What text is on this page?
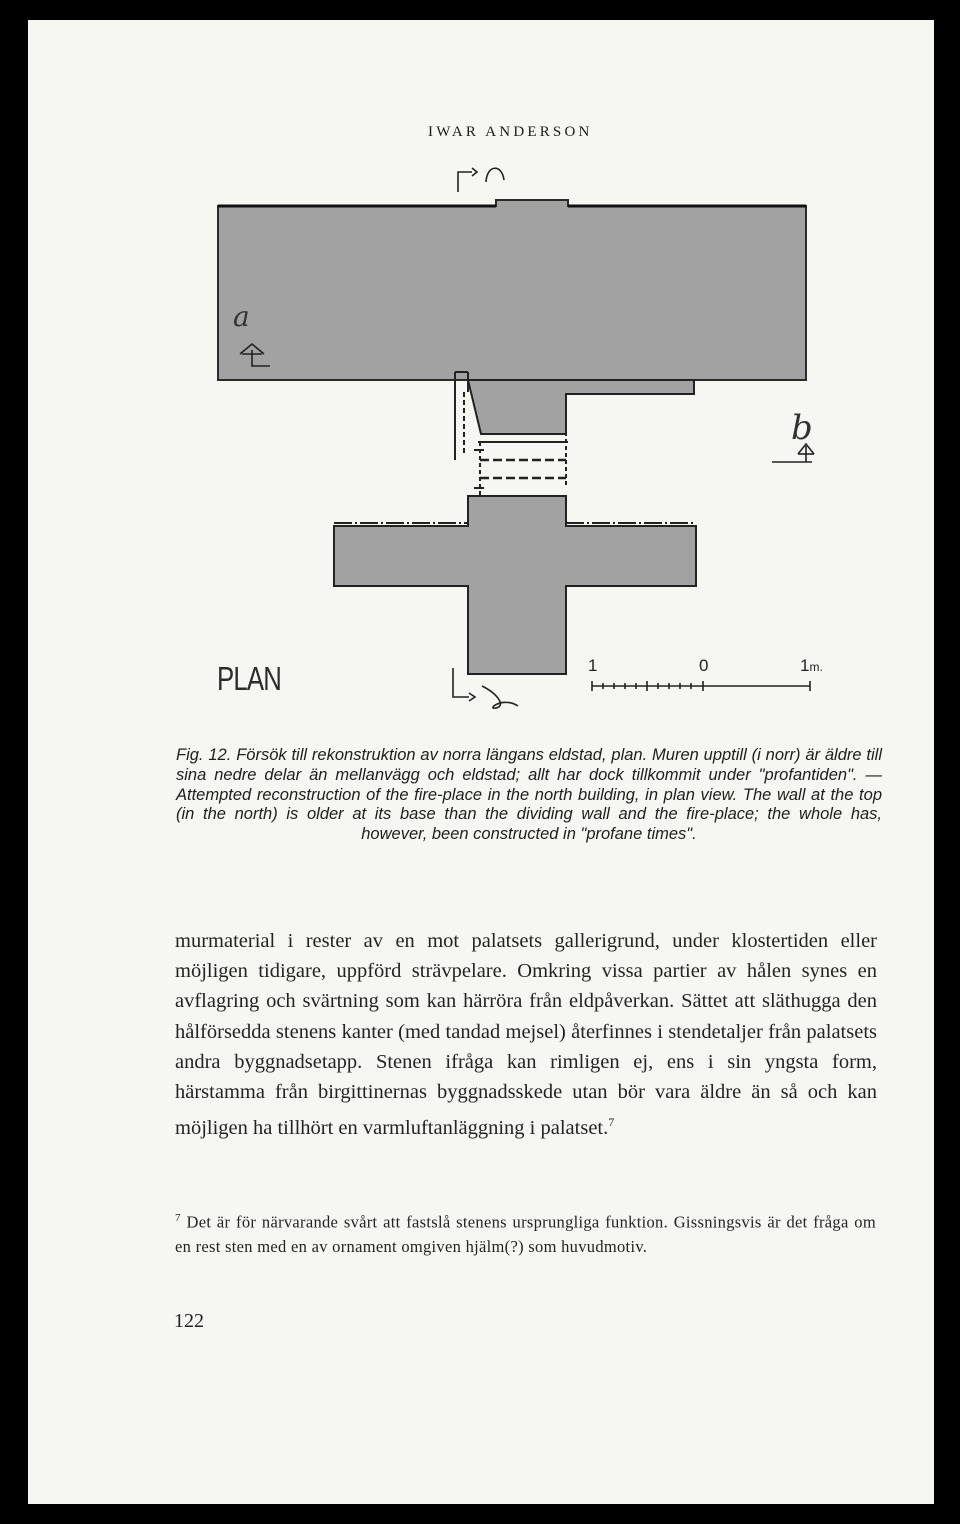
IWAR ANDERSON
PLAN
a
b
1	0	1m.
Fig. 12. Försök till rekonstruktion av norra längans eldstad, plan. Muren upptill (i norr) är äldre till sina nedre delar än mellanvägg och eldstad; allt har dock tillkommit under "profantiden". — Attempted reconstruction of the fire-place in the north building, in plan view. The wall at the top (in the north) is older at its base than the dividing wall and the fire-place; the whole has, however, been constructed in "profane times".
murmaterial i rester av en mot palatsets gallerigrund, under klostertiden eller möjligen tidigare, uppförd strävpelare. Omkring vissa partier av hålen synes en avflagring och svärtning som kan härröra från eldpåverkan. Sättet att släthugga den hålförsedda stenens kanter (med tandad mejsel) återfinnes i stendetaljer från palatsets andra byggnadsetapp. Stenen ifråga kan rimligen ej, ens i sin yngsta form, härstamma från birgittinernas byggnadsskede utan bör vara äldre än så och kan möjligen ha tillhört en varmluftanläggning i palatset.$^7$
$^7$ Det är för närvarande svårt att fastslå stenens ursprungliga funktion. Gissningsvis är det fråga om en rest sten med en av ornament omgiven hjälm(?) som huvudmotiv.
122
